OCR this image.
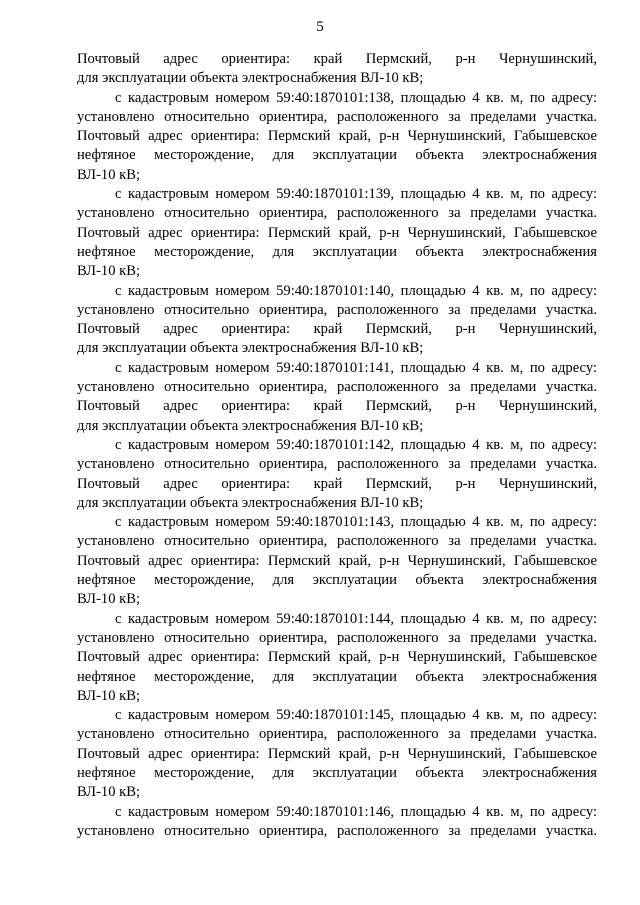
5
Почтовый адрес ориентира: край Пермский, р-н Чернушинский,
для эксплуатации объекта электроснабжения ВЛ-10 кВ;
с кадастровым номером 59:40:1870101:138, площадью 4 кв. м, по адресу:
установлено относительно ориентира, расположенного за пределами участка.
Почтовый адрес ориентира: Пермский край, р-н Чернушинский, Габышевское
нефтяное месторождение, для эксплуатации объекта электроснабжения
ВЛ-10 кВ;
с кадастровым номером 59:40:1870101:139, площадью 4 кв. м, по адресу:
установлено относительно ориентира, расположенного за пределами участка.
Почтовый адрес ориентира: Пермский край, р-н Чернушинский, Габышевское
нефтяное месторождение, для эксплуатации объекта электроснабжения
ВЛ-10 кВ;
с кадастровым номером 59:40:1870101:140, площадью 4 кв. м, по адресу:
установлено относительно ориентира, расположенного за пределами участка.
Почтовый адрес ориентира: край Пермский, р-н Чернушинский,
для эксплуатации объекта электроснабжения ВЛ-10 кВ;
с кадастровым номером 59:40:1870101:141, площадью 4 кв. м, по адресу:
установлено относительно ориентира, расположенного за пределами участка.
Почтовый адрес ориентира: край Пермский, р-н Чернушинский,
для эксплуатации объекта электроснабжения ВЛ-10 кВ;
с кадастровым номером 59:40:1870101:142, площадью 4 кв. м, по адресу:
установлено относительно ориентира, расположенного за пределами участка.
Почтовый адрес ориентира: край Пермский, р-н Чернушинский,
для эксплуатации объекта электроснабжения ВЛ-10 кВ;
с кадастровым номером 59:40:1870101:143, площадью 4 кв. м, по адресу:
установлено относительно ориентира, расположенного за пределами участка.
Почтовый адрес ориентира: Пермский край, р-н Чернушинский, Габышевское
нефтяное месторождение, для эксплуатации объекта электроснабжения
ВЛ-10 кВ;
с кадастровым номером 59:40:1870101:144, площадью 4 кв. м, по адресу:
установлено относительно ориентира, расположенного за пределами участка.
Почтовый адрес ориентира: Пермский край, р-н Чернушинский, Габышевское
нефтяное месторождение, для эксплуатации объекта электроснабжения
ВЛ-10 кВ;
с кадастровым номером 59:40:1870101:145, площадью 4 кв. м, по адресу:
установлено относительно ориентира, расположенного за пределами участка.
Почтовый адрес ориентира: Пермский край, р-н Чернушинский, Габышевское
нефтяное месторождение, для эксплуатации объекта электроснабжения
ВЛ-10 кВ;
с кадастровым номером 59:40:1870101:146, площадью 4 кв. м, по адресу:
установлено относительно ориентира, расположенного за пределами участка.
